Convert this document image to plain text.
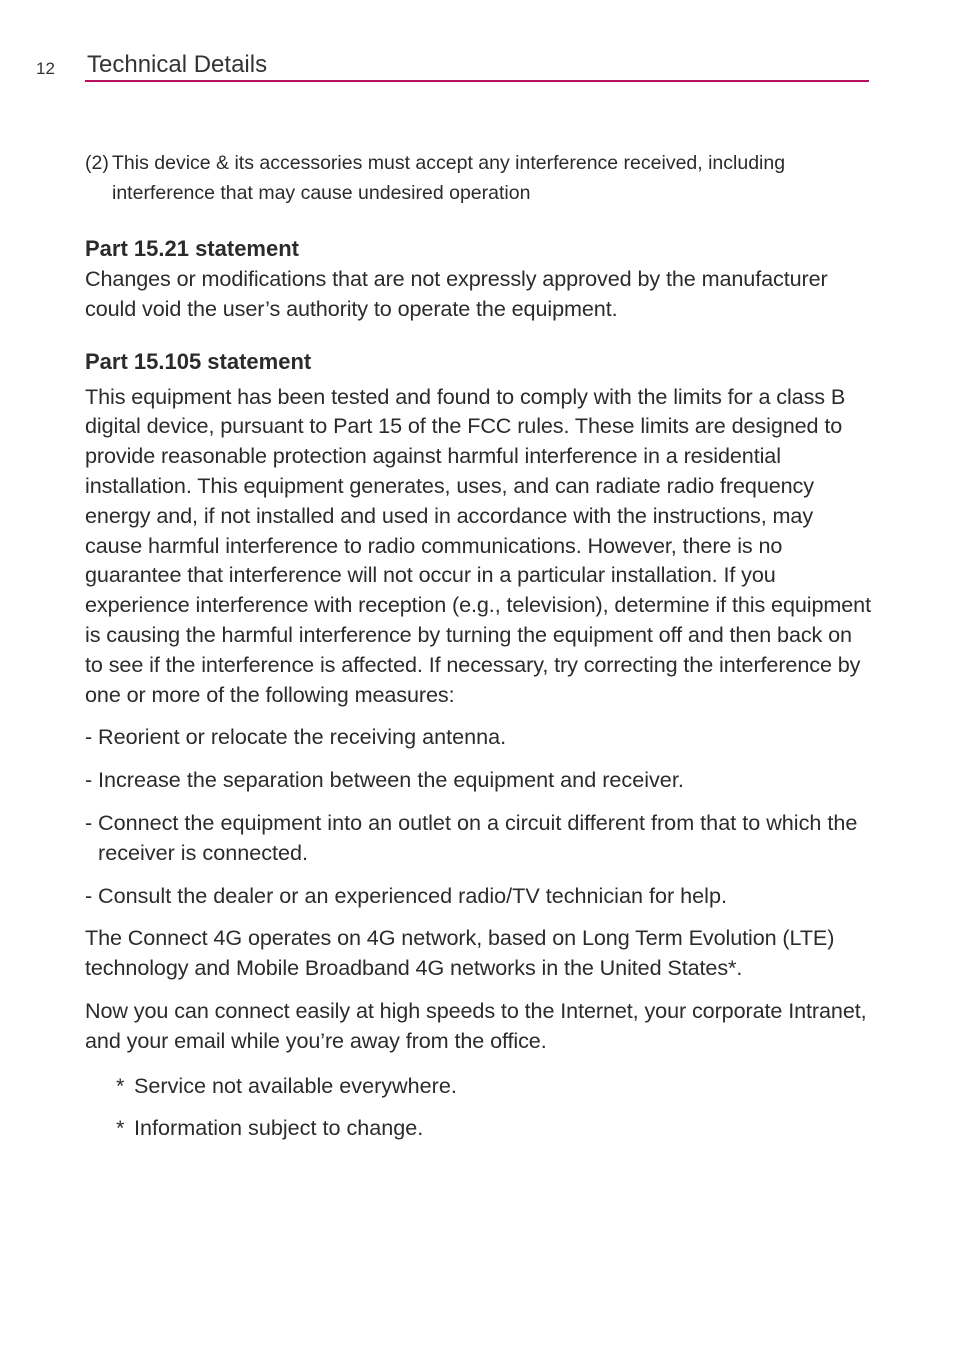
12 Technical Details
(2) This device & its accessories must accept any interference received, including interference that may cause undesired operation
Part 15.21 statement

Changes or modifications that are not expressly approved by the manufacturer could void the user’s authority to operate the equipment.

Part 15.105 statement

This equipment has been tested and found to comply with the limits for a class B digital device, pursuant to Part 15 of the FCC rules. These limits are designed to provide reasonable protection against harmful interference in a residential installation. This equipment generates, uses, and can radiate radio frequency energy and, if not installed and used in accordance with the instructions, may cause harmful interference to radio communications. However, there is no guarantee that interference will not occur in a particular installation. If you experience interference with reception (e.g., television), determine if this equipment is causing the harmful interference by turning the equipment off and then back on to see if the interference is affected. If necessary, try correcting the interference by one or more of the following measures:

- Reorient or relocate the receiving antenna.
- Increase the separation between the equipment and receiver.
- Connect the equipment into an outlet on a circuit different from that to which the receiver is connected.
- Consult the dealer or an experienced radio/TV technician for help.

The Connect 4G operates on 4G network, based on Long Term Evolution (LTE) technology and Mobile Broadband 4G networks in the United States*.

Now you can connect easily at high speeds to the Internet, your corporate Intranet, and your email while you’re away from the office.

* Service not available everywhere.
* Information subject to change.
